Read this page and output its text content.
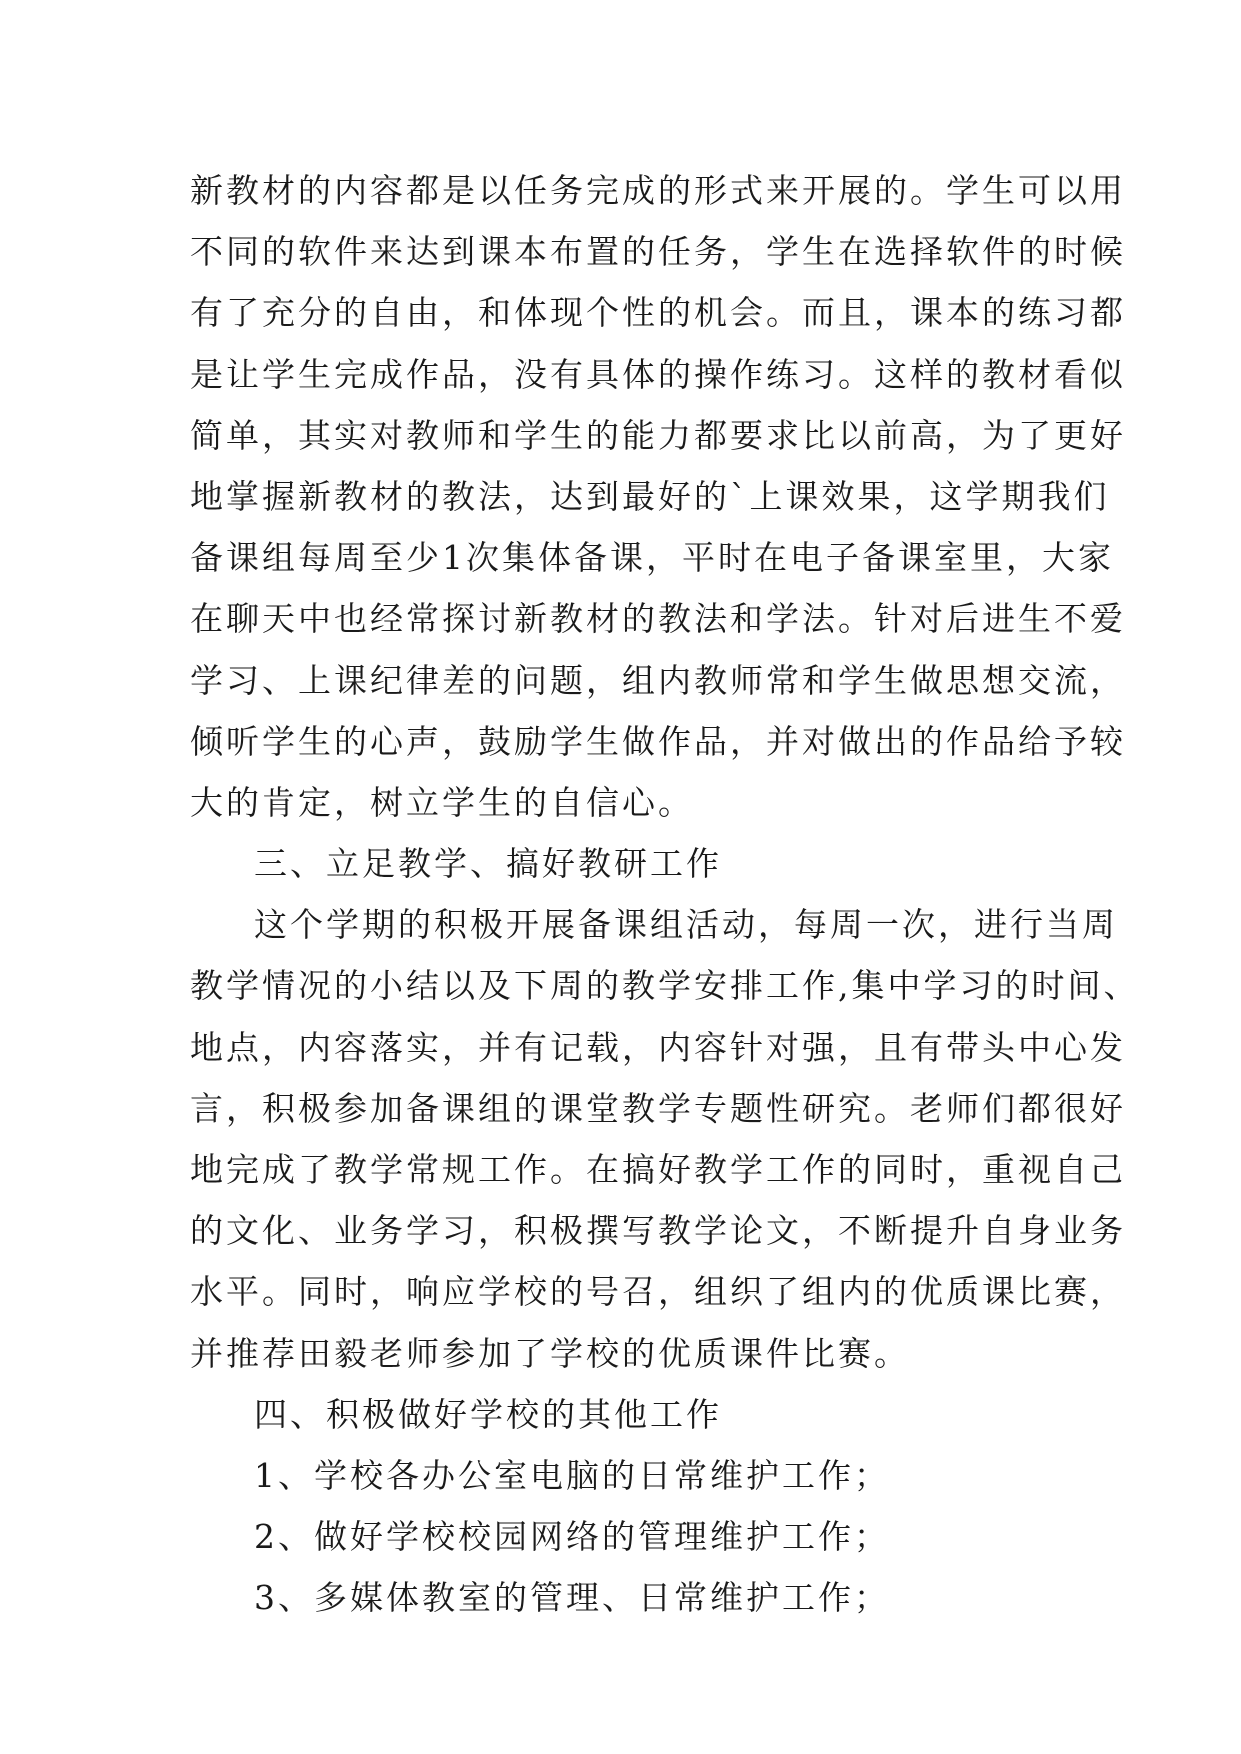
新教材的内容都是以任务完成的形式来开展的。学生可以用
不同的软件来达到课本布置的任务，学生在选择软件的时候
有了充分的自由，和体现个性的机会。而且，课本的练习都
是让学生完成作品，没有具体的操作练习。这样的教材看似
简单，其实对教师和学生的能力都要求比以前高，为了更好
地掌握新教材的教法，达到最好的`上课效果，这学期我们
备课组每周至少1次集体备课，平时在电子备课室里，大家
在聊天中也经常探讨新教材的教法和学法。针对后进生不爱
学习、上课纪律差的问题，组内教师常和学生做思想交流，
倾听学生的心声，鼓励学生做作品，并对做出的作品给予较
大的肯定，树立学生的自信心。
三、立足教学、搞好教研工作
这个学期的积极开展备课组活动，每周一次，进行当周
教学情况的小结以及下周的教学安排工作,集中学习的时间、
地点，内容落实，并有记载，内容针对强，且有带头中心发
言，积极参加备课组的课堂教学专题性研究。老师们都很好
地完成了教学常规工作。在搞好教学工作的同时，重视自己
的文化、业务学习，积极撰写教学论文，不断提升自身业务
水平。同时，响应学校的号召，组织了组内的优质课比赛，
并推荐田毅老师参加了学校的优质课件比赛。
四、积极做好学校的其他工作
1、学校各办公室电脑的日常维护工作；
2、做好学校校园网络的管理维护工作；
3、多媒体教室的管理、日常维护工作；
